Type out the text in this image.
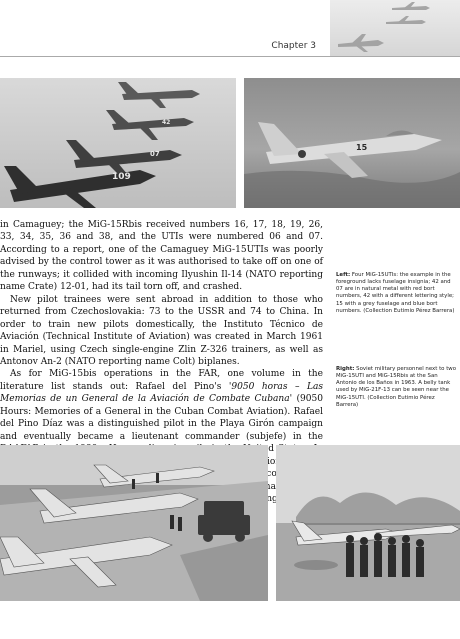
Chapter 3
109
07
42
15

in Camaguey; the MiG-15Rbis received numbers 16, 17, 18, 19, 26, 33, 34, 35, 36 and 38, and the UTIs were numbered 06 and 07. According to a report, one of the Camaguey MiG-15UTIs was poorly advised by the control tower as it was authorised to take off on one of the runways; it collided with incoming Ilyushin Il-14 (NATO reporting name Crate) 12-01, had its tail torn off, and crashed.

New pilot trainees were sent abroad in addition to those who returned from Czechoslovakia: 73 to the USSR and 74 to China. In order to train new pilots domestically, the Instituto Técnico de Aviación (Technical Institute of Aviation) was created in March 1961 in Mariel, using Czech single-engine Zlin Z-326 trainers, as well as Antonov An-2 (NATO reporting name Colt) biplanes.

As for MiG-15bis operations in the FAR, one volume in the literature list stands out: Rafael del Pino's '9050 horas – Las Memorias de un General de la Aviación de Combate Cubana' (9050 Hours: Memories of a General in the Cuban Combat Aviation). Rafael del Pino Díaz was a distinguished pilot in the Playa Girón campaign and eventually became a lieutenant commander (subjefe) in the operationalisation

Left: Four MiG-15UTIs: the example in the foreground lacks fuselage insignia; 42 and 07 are in natural metal with red bort numbers, 42 with a different lettering style; 15 with a grey fuselage and blue bort numbers. (Collection Eutimio Pérez Barrera)
Right: Soviet military personnel next to two MiG-15UTI and MiG-15Rbis at the San Antonio de los Baños in 1963. A belly tank used by MiG-21F-13 can be seen near the MiG-15UTI. (Collection Eutimio Pérez Barrera)
